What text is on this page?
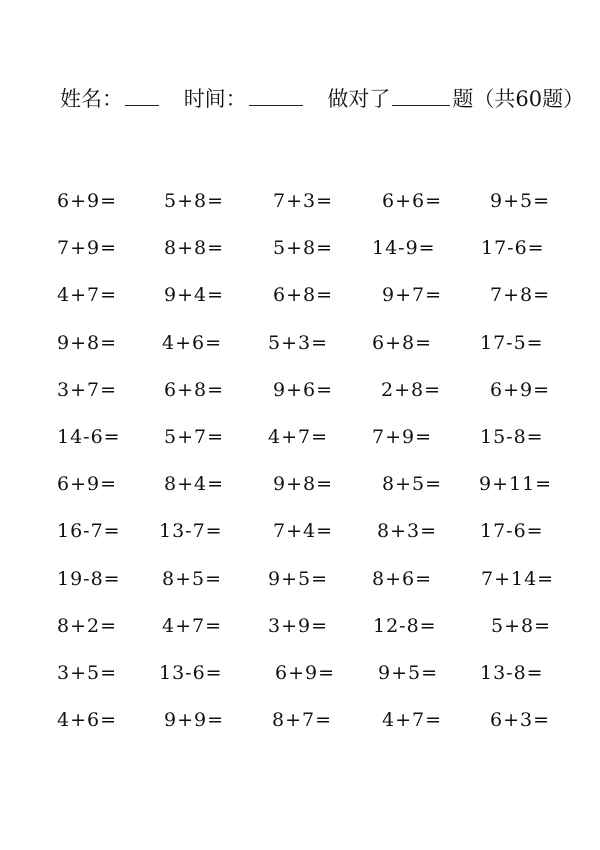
姓名：	时间：	做对了	题（共60题）
6+9= 5+8=	7+3=	6+6=	9+5=
7+9= 8+8=	5+8= 14-9= 17-6=
4+7= 9+4=	6+8=	9+7=	7+8=
9+8= 4+6= 5+3= 6+8=	17-5=
3+7= 6+8=	9+6=	2+8=	6+9=
14-6= 5+7= 4+7= 7+9=	15-8=
6+9= 8+4=	9+8=	8+5= 9+11=
16-7= 13-7=	7+4= 8+3= 17-6=
19-8= 8+5= 9+5= 8+6=	7+14=
8+2= 4+7= 3+9= 12-8=	5+8=
3+5= 13-6=	6+9= 9+5= 13-8=
4+6= 9+9=	8+7=	4+7=	6+3=
